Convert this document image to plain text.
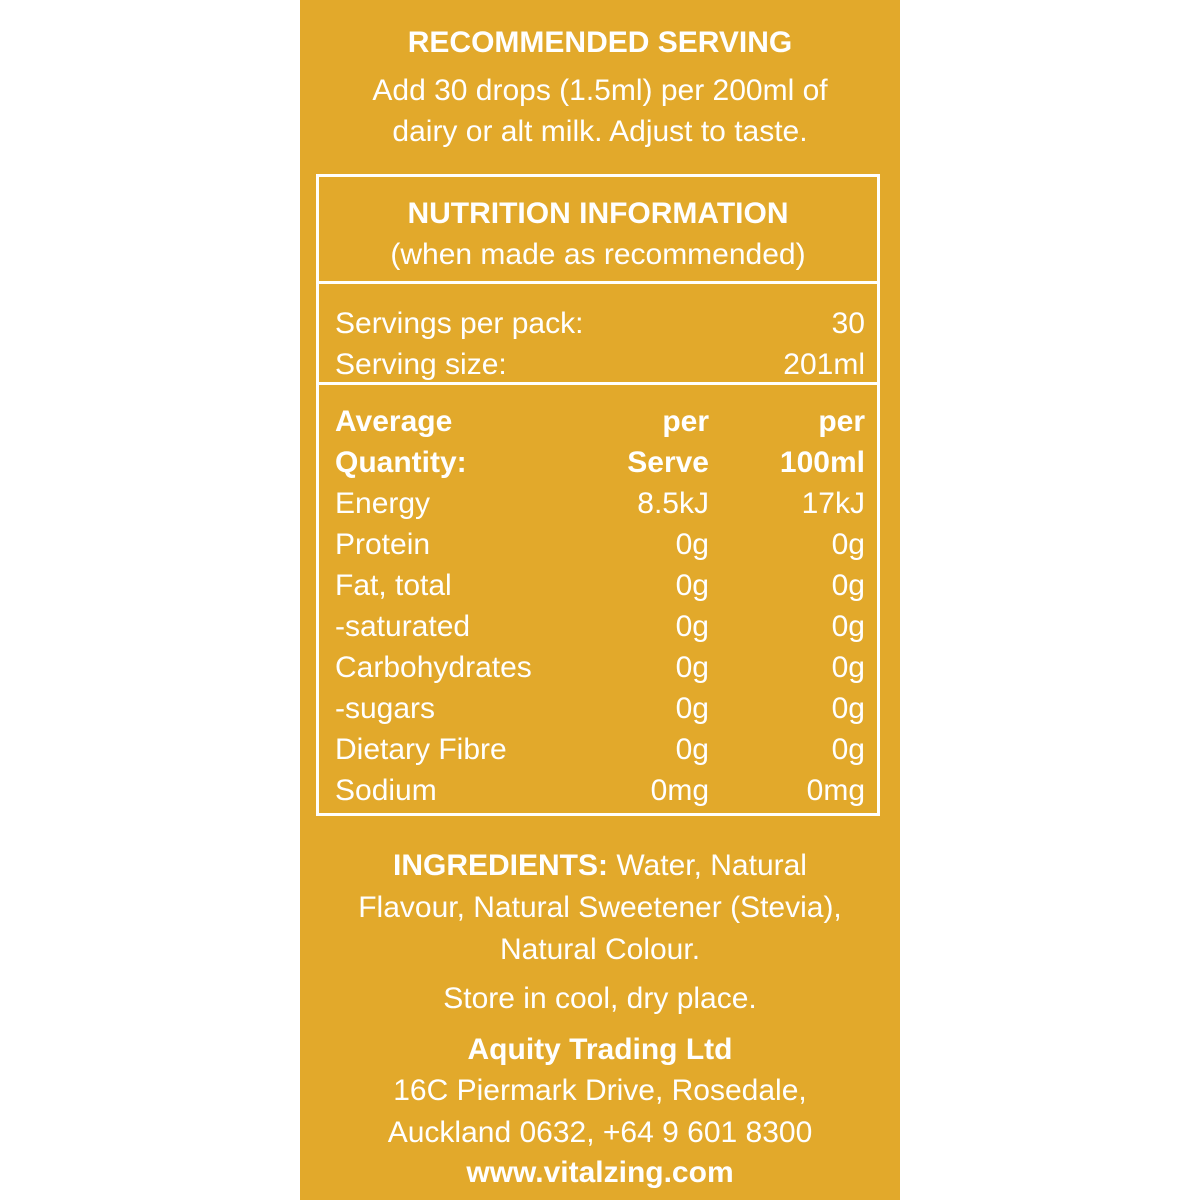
RECOMMENDED SERVING
Add 30 drops (1.5ml) per 200ml of
dairy or alt milk. Adjust to taste.
NUTRITION INFORMATION
(when made as recommended)
Servings per pack:	30
Serving size:	201ml
Average	per	per
Quantity:	Serve 100ml
Energy	8.5kJ	17kJ
Protein	0g	0g
Fat, total	0g	0g
-saturated	0g	0g
Carbohydrates	0g	0g
-sugars	0g	0g
Dietary Fibre	0g	0g
Sodium	0mg	0mg
INGREDIENTS: Water, Natural
Flavour, Natural Sweetener (Stevia),
Natural Colour.
Store in cool, dry place.
Aquity Trading Ltd
16C Piermark Drive, Rosedale,
Auckland 0632, +64 9 601 8300
www.vitalzing.com
